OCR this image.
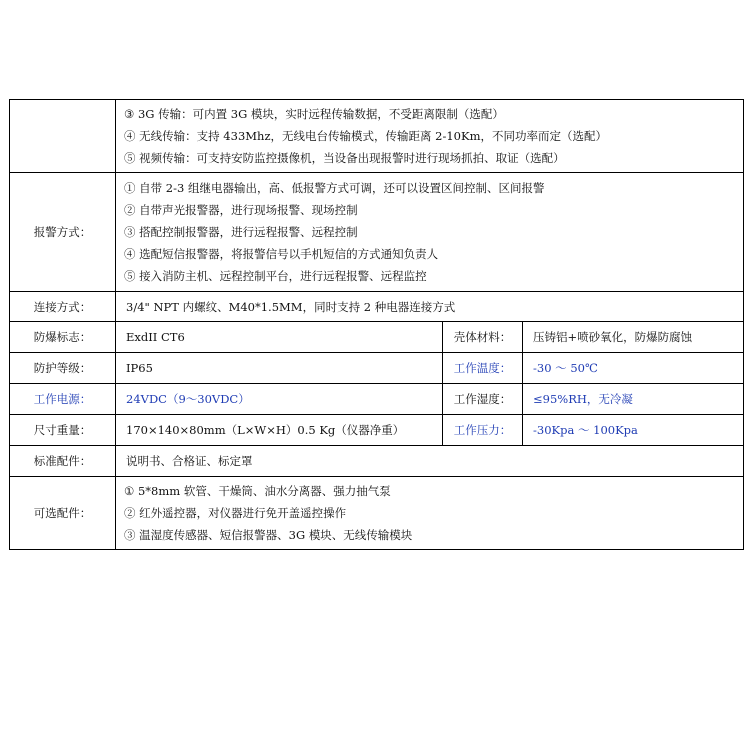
	③ 3G 传输：可内置 3G 模块，实时远程传输数据，不受距离限制（选配）
④ 无线传输：支持 433Mhz，无线电台传输模式，传输距离 2-10Km，不同功率而定（选配）
⑤ 视频传输：可支持安防监控摄像机，当设备出现报警时进行现场抓拍、取证（选配）		

报警方式：	① 自带 2-3 组继电器输出，高、低报警方式可调，还可以设置区间控制、区间报警
② 自带声光报警器，进行现场报警、现场控制
③ 搭配控制报警器，进行远程报警、远程控制
④ 选配短信报警器，将报警信号以手机短信的方式通知负责人
⑤ 接入消防主机、远程控制平台，进行远程报警、远程监控		

连接方式：	3/4" NPT 内螺纹、M40*1.5MM，同时支持 2 种电器连接方式		
防爆标志：	ExdII CT6	壳体材料：	压铸铝+喷砂氧化，防爆防腐蚀
防护等级：	IP65	工作温度：	-30 ～ 50℃
工作电源：	24VDC（9～30VDC）	工作湿度：	≤95%RH，无冷凝
尺寸重量：	170×140×80mm（L×W×H）0.5 Kg（仪器净重）	工作压力：	-30Kpa ～ 100Kpa
标准配件：	说明书、合格证、标定罩		
可选配件：	① 5*8mm 软管、干燥筒、油水分离器、强力抽气泵
② 红外遥控器，对仪器进行免开盖遥控操作
③ 温湿度传感器、短信报警器、3G 模块、无线传输模块		
